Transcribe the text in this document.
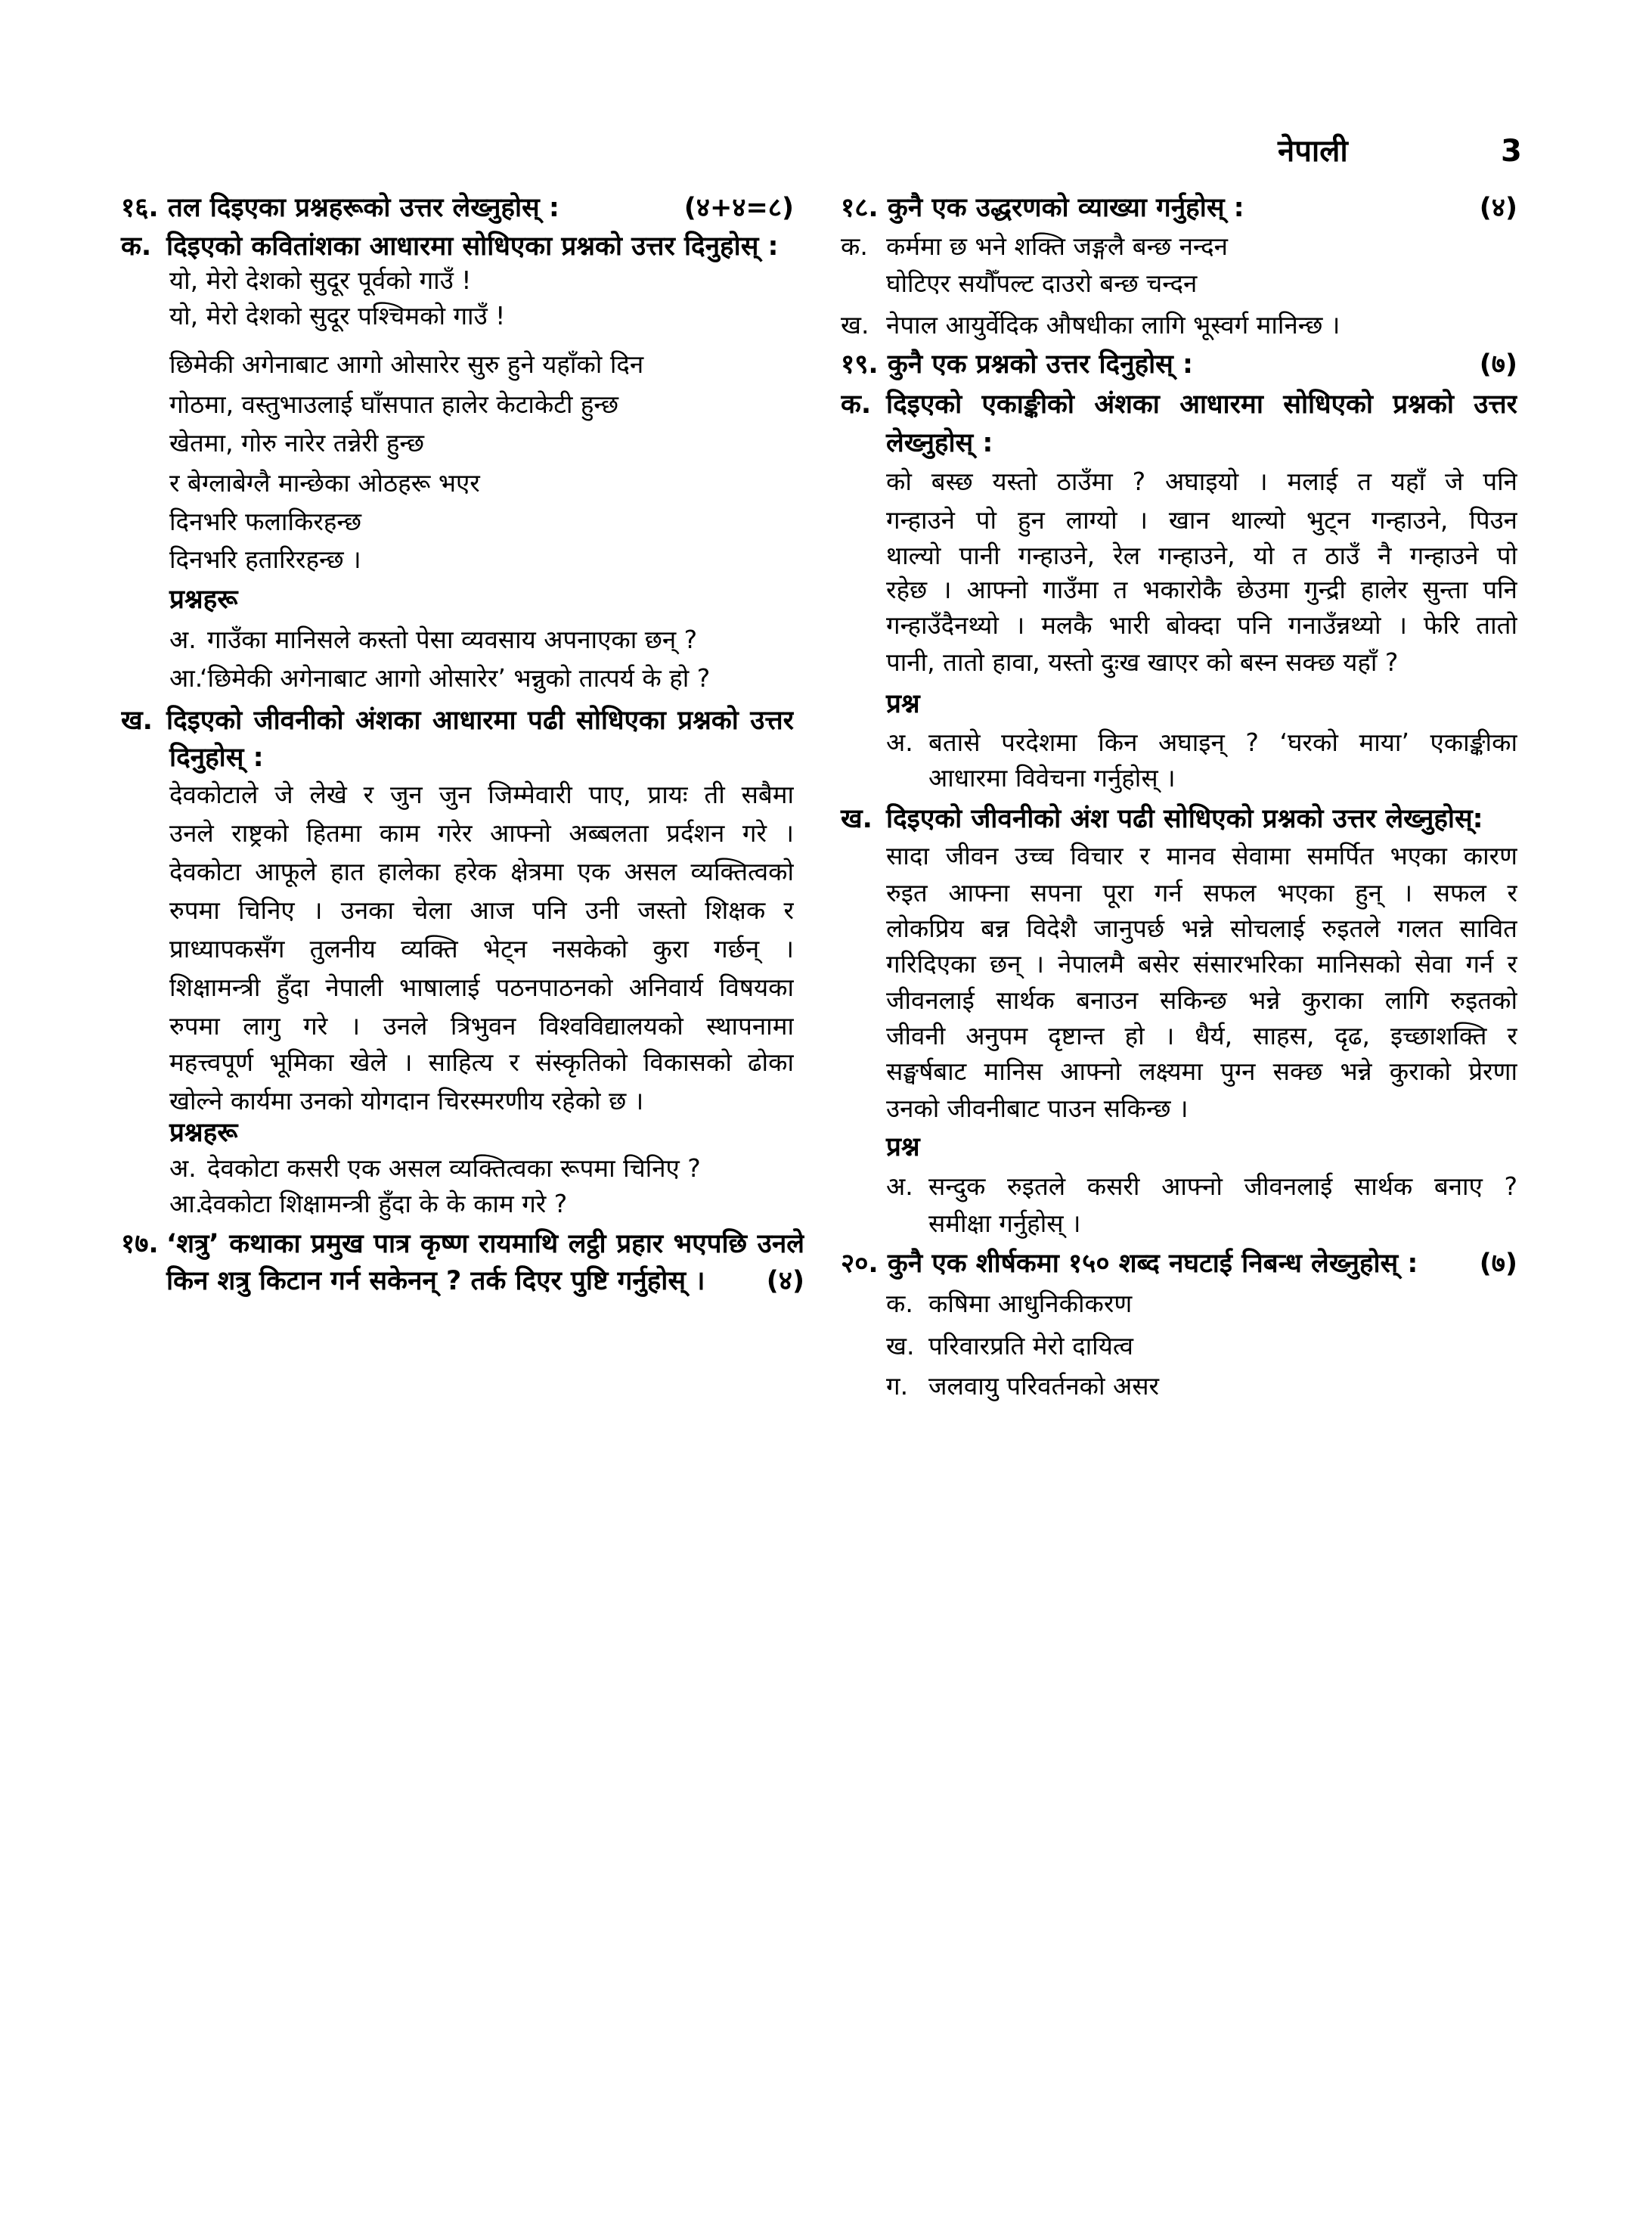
नेपाली	3
१६. तल दिइएका प्रश्नहरूको उत्तर लेख्नुहोस् :	(४+४=८)
क. दिइएको कवितांशका आधारमा सोधिएका प्रश्नको उत्तर दिनुहोस् :
यो, मेरो देशको सुदूर पूर्वको गाउँ !
यो, मेरो देशको सुदूर पश्चिमको गाउँ !
छिमेकी अगेनाबाट आगो ओसारेर सुरु हुने यहाँको दिन
गोठमा, वस्तुभाउलाई घाँसपात हालेर केटाकेटी हुन्छ
खेतमा, गोरु नारेर तन्नेरी हुन्छ
र बेग्लाबेग्लै मान्छेका ओठहरू भएर
दिनभरि फलाकिरहन्छ
दिनभरि हतारिरहन्छ ।
प्रश्नहरू
अ. गाउँका मानिसले कस्तो पेसा व्यवसाय अपनाएका छन् ?
आ.‘छिमेकी अगेनाबाट आगो ओसारेर’ भन्नुको तात्पर्य के हो ?
ख. दिइएको जीवनीको अंशका आधारमा पढी सोधिएका प्रश्नको उत्तर
दिनुहोस् :
देवकोटाले जे लेखे र जुन जुन जिम्मेवारी पाए, प्रायः ती सबैमा
उनले राष्ट्रको हितमा काम गरेर आफ्नो अब्बलता प्रर्दशन गरे ।
देवकोटा आफूले हात हालेका हरेक क्षेत्रमा एक असल व्यक्तित्वको
रुपमा चिनिए । उनका चेला आज पनि उनी जस्तो शिक्षक र
प्राध्यापकसँग तुलनीय व्यक्ति भेट्न नसकेको कुरा गर्छन् ।
शिक्षामन्त्री हुँदा नेपाली भाषालाई पठनपाठनको अनिवार्य विषयका
रुपमा लागु गरे । उनले त्रिभुवन विश्वविद्यालयको स्थापनामा
महत्त्वपूर्ण भूमिका खेले । साहित्य र संस्कृतिको विकासको ढोका
खोल्ने कार्यमा उनको योगदान चिरस्मरणीय रहेको छ ।
प्रश्नहरू
अ. देवकोटा कसरी एक असल व्यक्तित्वका रूपमा चिनिए ?
आ.देवकोटा शिक्षामन्त्री हुँदा के के काम गरे ?
१७. ‘शत्रु’ कथाका प्रमुख पात्र कृष्ण रायमाथि लट्ठी प्रहार भएपछि उनले
किन शत्रु किटान गर्न सकेनन् ? तर्क दिएर पुष्टि गर्नुहोस् । (४)
१८. कुनै एक उद्धरणको व्याख्या गर्नुहोस् :	(४)
क. कर्ममा छ भने शक्ति जङ्गलै बन्छ नन्दन
घोटिएर सयौँपल्ट दाउरो बन्छ चन्दन
ख. नेपाल आयुर्वेदिक औषधीका लागि भूस्वर्ग मानिन्छ ।
१९. कुनै एक प्रश्नको उत्तर दिनुहोस् :	(७)
क. दिइएको एकाङ्कीको अंशका आधारमा सोधिएको प्रश्नको उत्तर
लेख्नुहोस् :
को बस्छ यस्तो ठाउँमा ? अघाइयो । मलाई त यहाँ जे पनि
गन्हाउने पो हुन लाग्यो । खान थाल्यो भुट्न गन्हाउने, पिउन
थाल्यो पानी गन्हाउने, रेल गन्हाउने, यो त ठाउँ नै गन्हाउने पो
रहेछ । आफ्नो गाउँमा त भकारोकै छेउमा गुन्द्री हालेर सुन्ता पनि
गन्हाउँदैनथ्यो । मलकै भारी बोक्दा पनि गनाउँन्नथ्यो । फेरि तातो
पानी, तातो हावा, यस्तो दुःख खाएर को बस्न सक्छ यहाँ ?
प्रश्न
अ. बतासे परदेशमा किन अघाइन् ? ‘घरको माया’ एकाङ्कीका
आधारमा विवेचना गर्नुहोस् ।
ख. दिइएको जीवनीको अंश पढी सोधिएको प्रश्नको उत्तर लेख्नुहोस्:
सादा जीवन उच्च विचार र मानव सेवामा समर्पित भएका कारण
रुइत आफ्ना सपना पूरा गर्न सफल भएका हुन् । सफल र
लोकप्रिय बन्न विदेशै जानुपर्छ भन्ने सोचलाई रुइतले गलत सावित
गरिदिएका छन् । नेपालमै बसेर संसारभरिका मानिसको सेवा गर्न र
जीवनलाई सार्थक बनाउन सकिन्छ भन्ने कुराका लागि रुइतको
जीवनी अनुपम दृष्टान्त हो । धैर्य, साहस, दृढ, इच्छाशक्ति र
सङ्घर्षबाट मानिस आफ्नो लक्ष्यमा पुग्न सक्छ भन्ने कुराको प्रेरणा
उनको जीवनीबाट पाउन सकिन्छ ।
प्रश्न
अ. सन्दुक रुइतले कसरी आफ्नो जीवनलाई सार्थक बनाए ?
समीक्षा गर्नुहोस् ।
२०. कुनै एक शीर्षकमा १५० शब्द नघटाई निबन्ध लेख्नुहोस् : (७)
क. कषिमा आधुनिकीकरण
ख. परिवारप्रति मेरो दायित्व
ग. जलवायु परिवर्तनको असर
